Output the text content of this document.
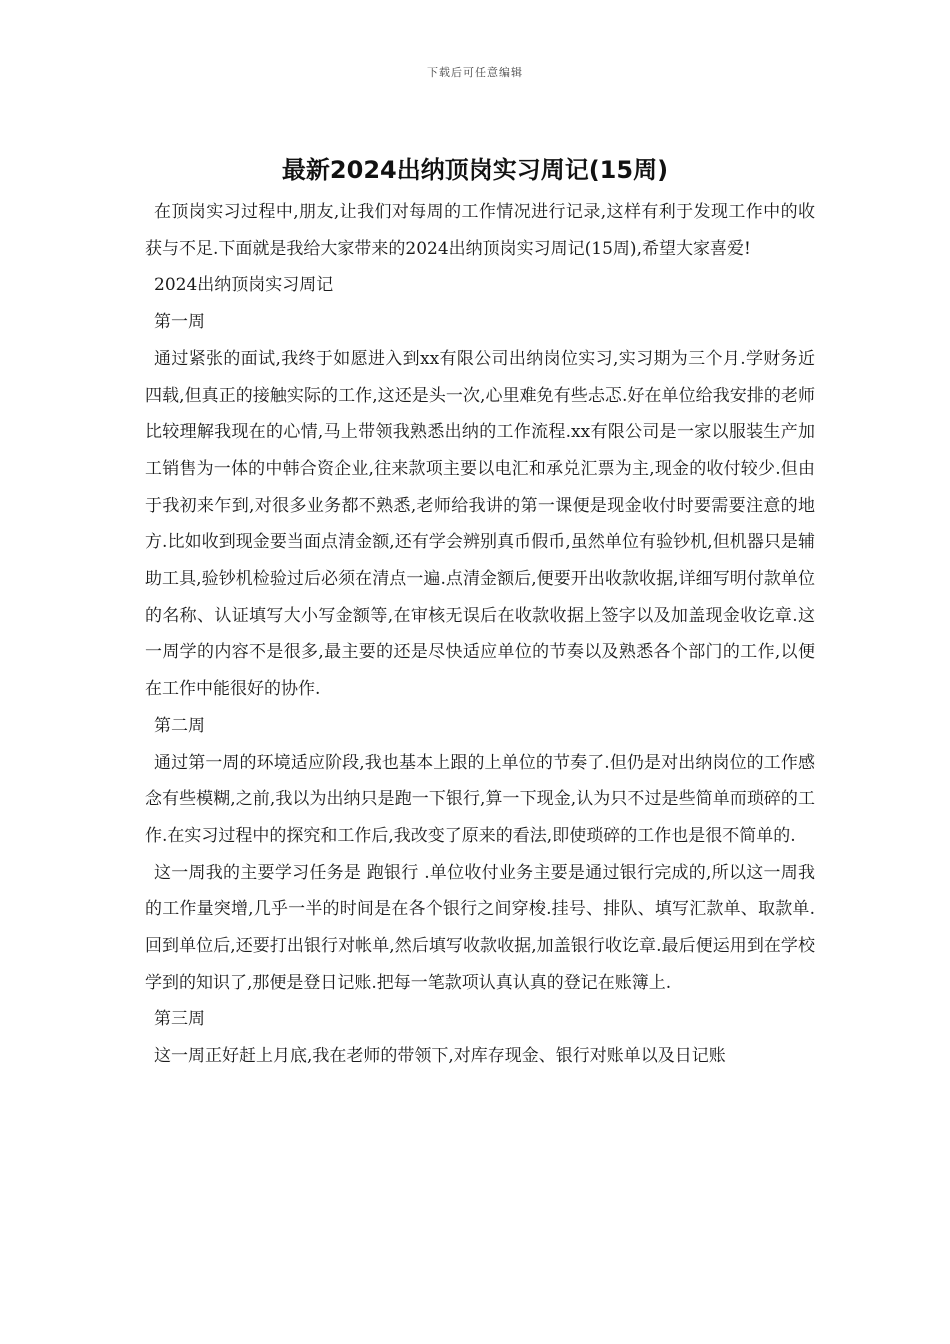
下载后可任意编辑
最新2024出纳顶岗实习周记(15周)

在顶岗实习过程中,朋友,让我们对每周的工作情况进行记录,这样有利于发现工作中的收获与不足.下面就是我给大家带来的2024出纳顶岗实习周记(15周),希望大家喜爱!

2024出纳顶岗实习周记

第一周

通过紧张的面试,我终于如愿进入到xx有限公司出纳岗位实习,实习期为三个月.学财务近四载,但真正的接触实际的工作,这还是头一次,心里难免有些忐忑.好在单位给我安排的老师比较理解我现在的心情,马上带领我熟悉出纳的工作流程.xx有限公司是一家以服装生产加工销售为一体的中韩合资企业,往来款项主要以电汇和承兑汇票为主,现金的收付较少.但由于我初来乍到,对很多业务都不熟悉,老师给我讲的第一课便是现金收付时要需要注意的地方.比如收到现金要当面点清金额,还有学会辨别真币假币,虽然单位有验钞机,但机器只是辅助工具,验钞机检验过后必须在清点一遍.点清金额后,便要开出收款收据,详细写明付款单位的名称、认证填写大小写金额等,在审核无误后在收款收据上签字以及加盖现金收讫章.这一周学的内容不是很多,最主要的还是尽快适应单位的节奏以及熟悉各个部门的工作,以便在工作中能很好的协作.

第二周

通过第一周的环境适应阶段,我也基本上跟的上单位的节奏了.但仍是对出纳岗位的工作感念有些模糊,之前,我以为出纳只是跑一下银行,算一下现金,认为只不过是些简单而琐碎的工作.在实习过程中的探究和工作后,我改变了原来的看法,即使琐碎的工作也是很不简单的.

这一周我的主要学习任务是 跑银行 .单位收付业务主要是通过银行完成的,所以这一周我的工作量突增,几乎一半的时间是在各个银行之间穿梭.挂号、排队、填写汇款单、取款单.回到单位后,还要打出银行对帐单,然后填写收款收据,加盖银行收讫章.最后便运用到在学校学到的知识了,那便是登日记账.把每一笔款项认真认真的登记在账簿上.

第三周

这一周正好赶上月底,我在老师的带领下,对库存现金、银行对账单以及日记账
